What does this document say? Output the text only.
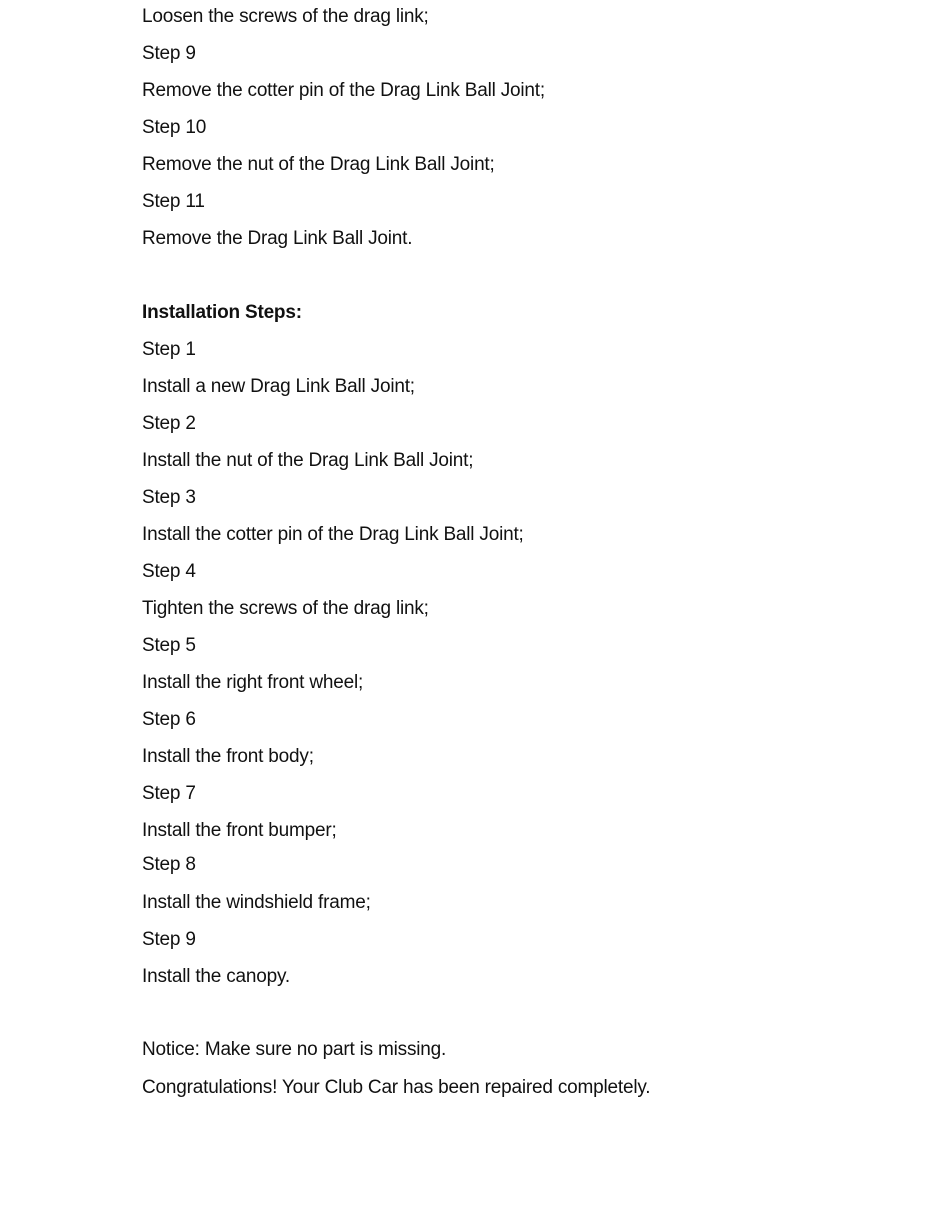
Loosen the screws of the drag link;
Step 9
Remove the cotter pin of the Drag Link Ball Joint;
Step 10
Remove the nut of the Drag Link Ball Joint;
Step 11
Remove the Drag Link Ball Joint.
Installation Steps:
Step 1
Install a new Drag Link Ball Joint;
Step 2
Install the nut of the Drag Link Ball Joint;
Step 3
Install the cotter pin of the Drag Link Ball Joint;
Step 4
Tighten the screws of the drag link;
Step 5
Install the right front wheel;
Step 6
Install the front body;
Step 7
Install the front bumper;
Step 8
Install the windshield frame;
Step 9
Install the canopy.
Notice: Make sure no part is missing.
Congratulations! Your Club Car has been repaired completely.
